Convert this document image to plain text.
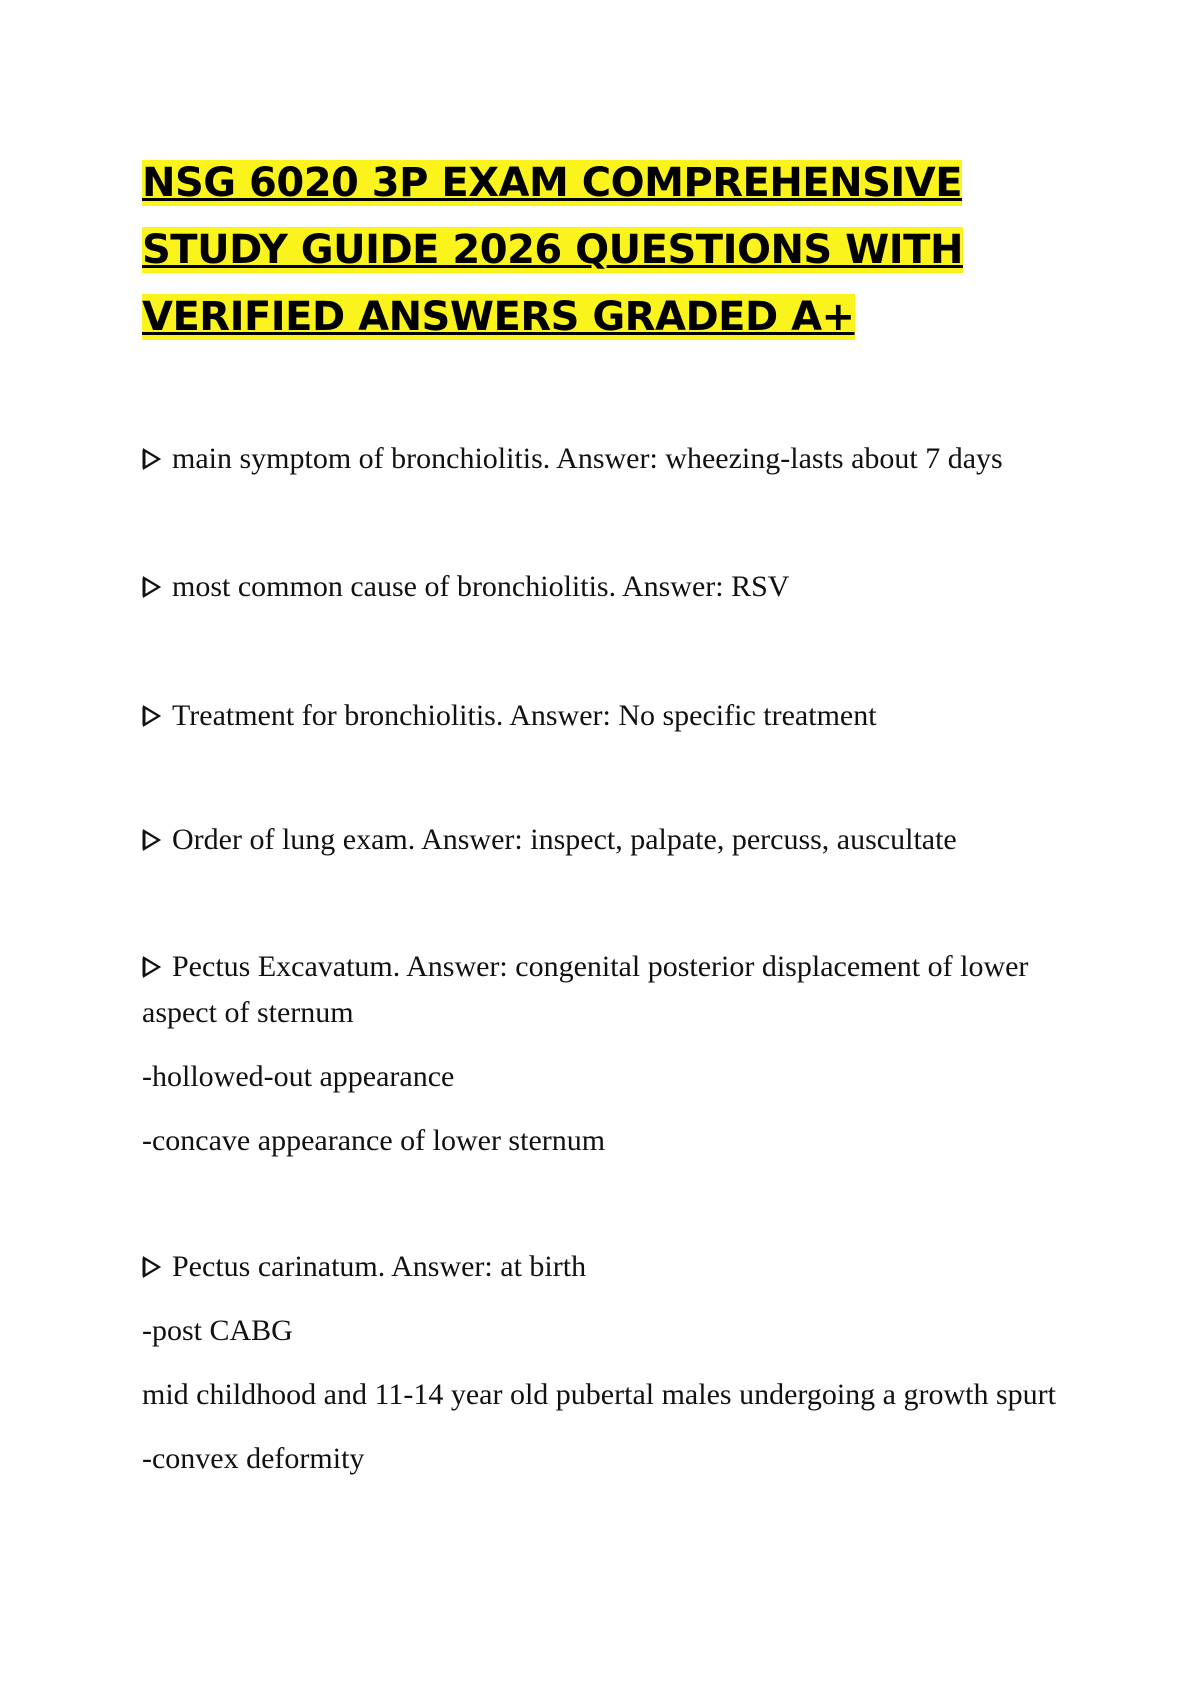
NSG 6020 3P EXAM COMPREHENSIVE
STUDY GUIDE 2026 QUESTIONS WITH
VERIFIED ANSWERS GRADED A+

main symptom of bronchiolitis. Answer: wheezing-lasts about 7 days

most common cause of bronchiolitis. Answer: RSV

Treatment for bronchiolitis. Answer: No specific treatment

Order of lung exam. Answer: inspect, palpate, percuss, auscultate

Pectus Excavatum. Answer: congenital posterior displacement of lower aspect of sternum

-hollowed-out appearance

-concave appearance of lower sternum

Pectus carinatum. Answer: at birth

-post CABG

mid childhood and 11-14 year old pubertal males undergoing a growth spurt

-convex deformity
